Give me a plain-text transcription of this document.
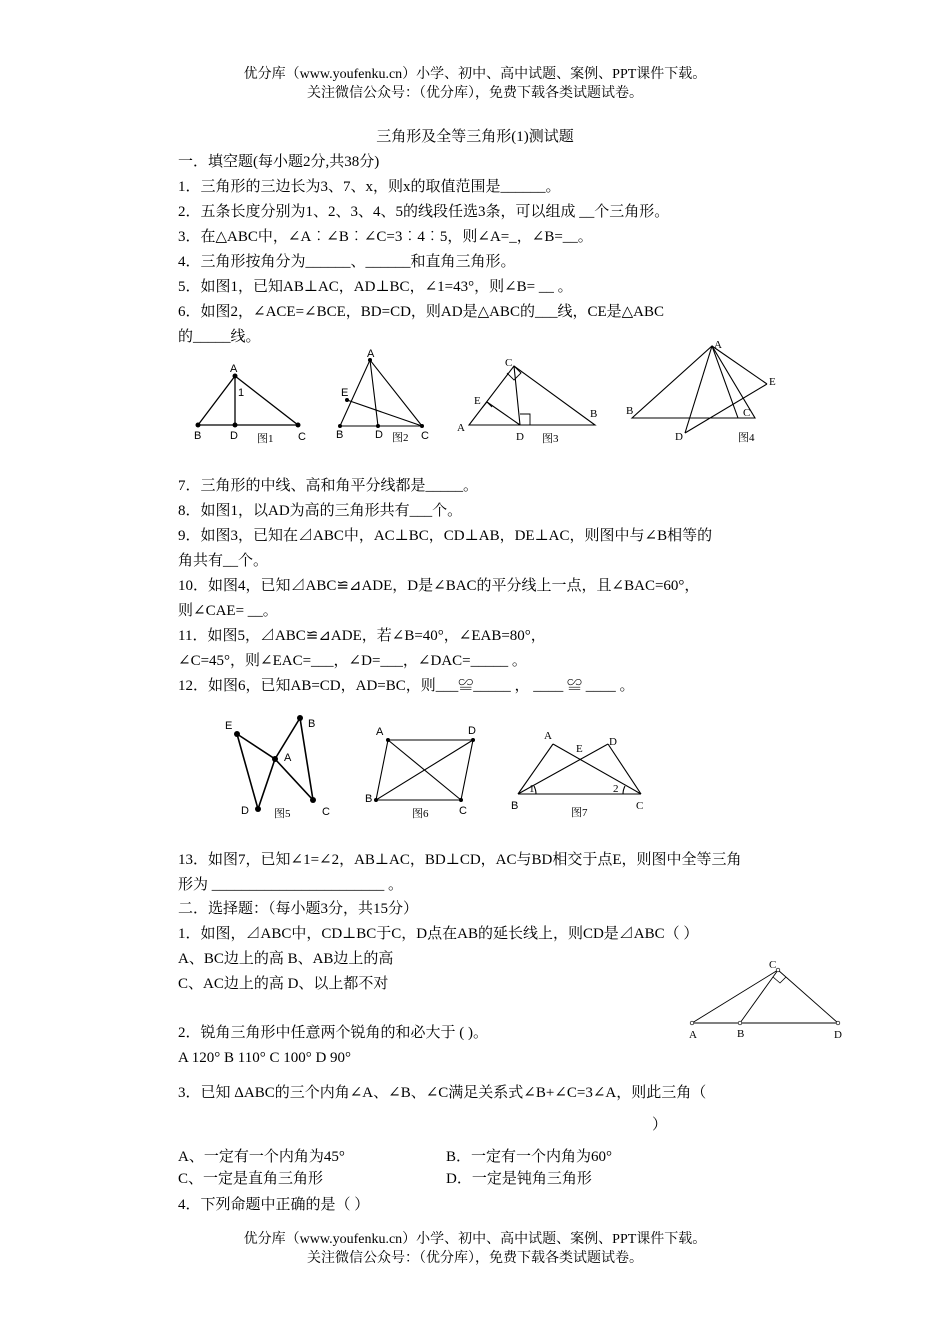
优分库（www.youfenku.cn）小学、初中、高中试题、案例、PPT课件下载。
关注微信公众号：（优分库），免费下载各类试题试卷。
三角形及全等三角形(1)测试题
一．填空题(每小题2分,共38分)
1．三角形的三边长为3、7、x，则x的取值范围是______。
2．五条长度分别为1、2、3、4、5的线段任选3条，可以组成 __个三角形。
3．在△ABC中，∠A︰∠B︰∠C=3︰4︰5，则∠A=_，∠B=__。
4．三角形按角分为______、______和直角三角形。
5．如图1，已知AB⊥AC，AD⊥BC，∠1=43°，则∠B= __ 。
6．如图2，∠ACE=∠BCE，BD=CD，则AD是△ABC的___线，CE是△ABC
的_____线。
A
1
B	D	C
图1
A
E
B	D	C
图2
C
E
A
D
B
图3
A
E
B	C
D	图4
7．三角形的中线、高和角平分线都是_____。
8．如图1，以AD为高的三角形共有___个。
9．如图3，已知在⊿ABC中，AC⊥BC，CD⊥AB，DE⊥AC，则图中与∠B相等的
角共有__个。
10．如图4，已知⊿ABC≌⊿ADE，D是∠BAC的平分线上一点，且∠BAC=60°，
则∠CAE= __。
11．如图5，⊿ABC≌⊿ADE，若∠B=40°，∠EAB=80°，
∠C=45°，则∠EAC=___，∠D=___，∠DAC=_____ 。
12．如图6，已知AB=CD，AD=BC，则___≌_____ ， ____ ≌ ____ 。
E	B
A
D	C
图5
A	D
B
C
图6
A
E
D
1	2
B	C
图7
13．如图7，已知∠1=∠2，AB⊥AC，BD⊥CD，AC与BD相交于点E，则图中全等三角
形为 _______________________ 。
二．选择题：（每小题3分，共15分）
1．如图，⊿ABC中，CD⊥BC于C，D点在AB的延长线上，则CD是⊿ABC（ ）
A、BC边上的高 B、AB边上的高
C、AC边上的高 D、以上都不对
C
A	B	D
2．锐角三角形中任意两个锐角的和必大于 ( )。
A 120° B 110° C 100° D 90°
3．已知 ΔABC的三个内角∠A、∠B、∠C满足关系式∠B+∠C=3∠A，则此三角（
）
A、一定有一个内角为45°	B．一定有一个内角为60°
C、一定是直角三角形	D．一定是钝角三角形
4．下列命题中正确的是（ ）
优分库（www.youfenku.cn）小学、初中、高中试题、案例、PPT课件下载。
关注微信公众号：（优分库），免费下载各类试题试卷。
